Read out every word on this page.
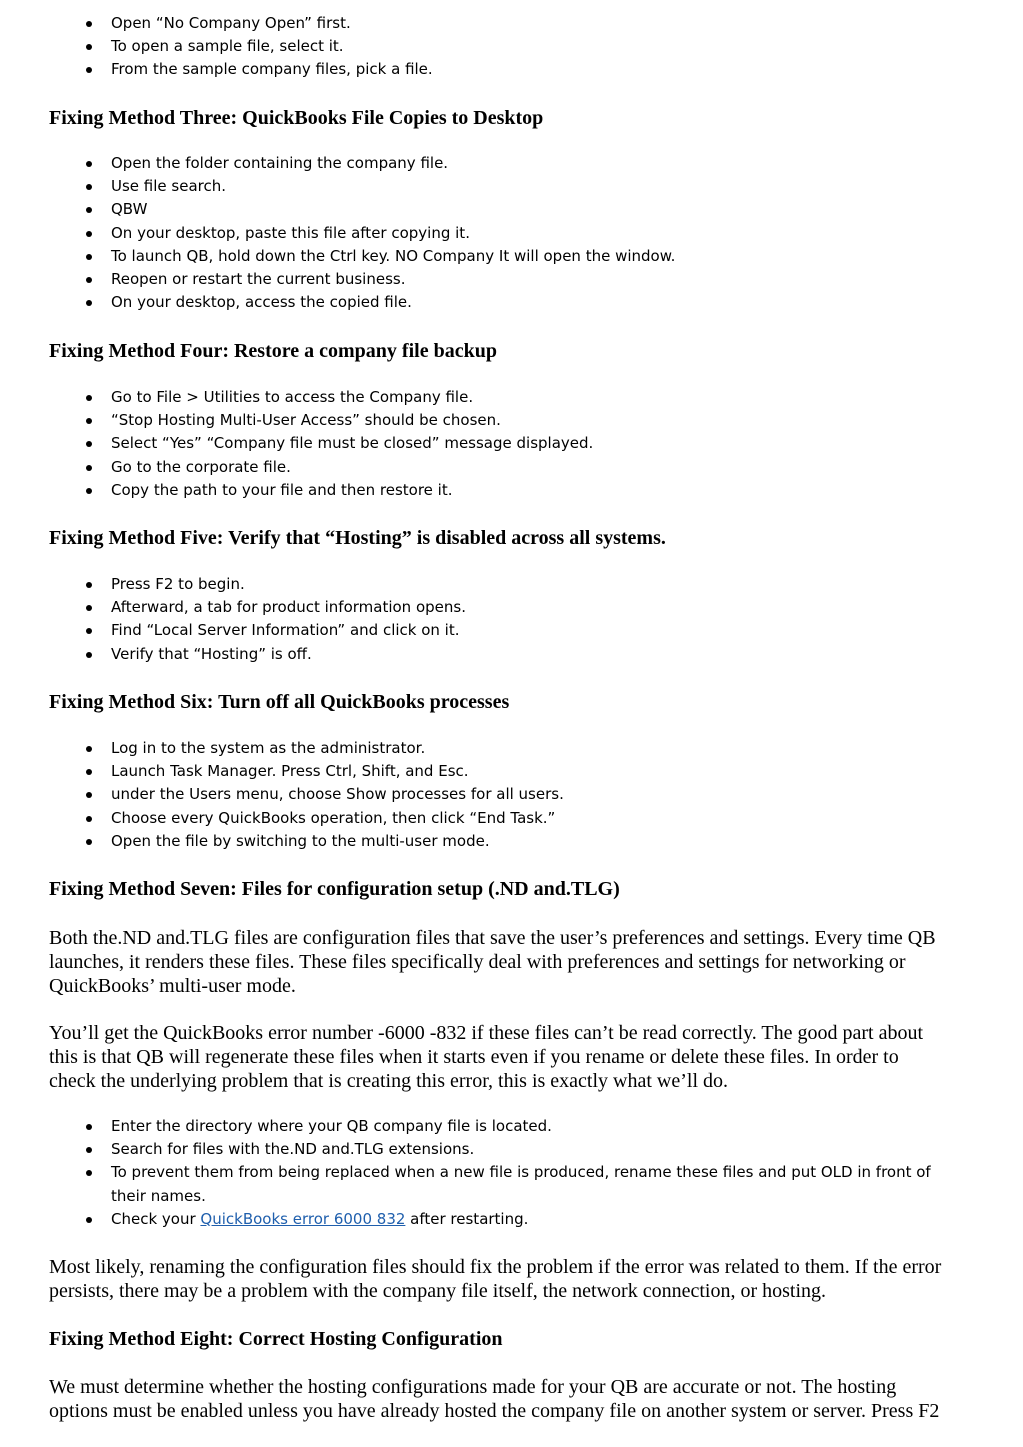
Open “No Company Open” first.
To open a sample file, select it.
From the sample company files, pick a file.
Fixing Method Three: QuickBooks File Copies to Desktop
Open the folder containing the company file.
Use file search.
QBW
On your desktop, paste this file after copying it.
To launch QB, hold down the Ctrl key. NO Company It will open the window.
Reopen or restart the current business.
On your desktop, access the copied file.
Fixing Method Four: Restore a company file backup
Go to File > Utilities to access the Company file.
“Stop Hosting Multi-User Access” should be chosen.
Select “Yes” “Company file must be closed” message displayed.
Go to the corporate file.
Copy the path to your file and then restore it.
Fixing Method Five: Verify that “Hosting” is disabled across all systems.
Press F2 to begin.
Afterward, a tab for product information opens.
Find “Local Server Information” and click on it.
Verify that “Hosting” is off.
Fixing Method Six: Turn off all QuickBooks processes
Log in to the system as the administrator.
Launch Task Manager. Press Ctrl, Shift, and Esc.
under the Users menu, choose Show processes for all users.
Choose every QuickBooks operation, then click “End Task.”
Open the file by switching to the multi-user mode.
Fixing Method Seven: Files for configuration setup (.ND and.TLG)

Both the.ND and.TLG files are configuration files that save the user’s preferences and settings. Every time QB
launches, it renders these files. These files specifically deal with preferences and settings for networking or
QuickBooks’ multi-user mode.

You’ll get the QuickBooks error number -6000 -832 if these files can’t be read correctly. The good part about
this is that QB will regenerate these files when it starts even if you rename or delete these files. In order to
check the underlying problem that is creating this error, this is exactly what we’ll do.

Enter the directory where your QB company file is located.
Search for files with the.ND and.TLG extensions.
To prevent them from being replaced when a new file is produced, rename these files and put OLD in front of
their names.
Check your QuickBooks error 6000 832 after restarting.

Most likely, renaming the configuration files should fix the problem if the error was related to them. If the error
persists, there may be a problem with the company file itself, the network connection, or hosting.

Fixing Method Eight: Correct Hosting Configuration

We must determine whether the hosting configurations made for your QB are accurate or not. The hosting
options must be enabled unless you have already hosted the company file on another system or server. Press F2
